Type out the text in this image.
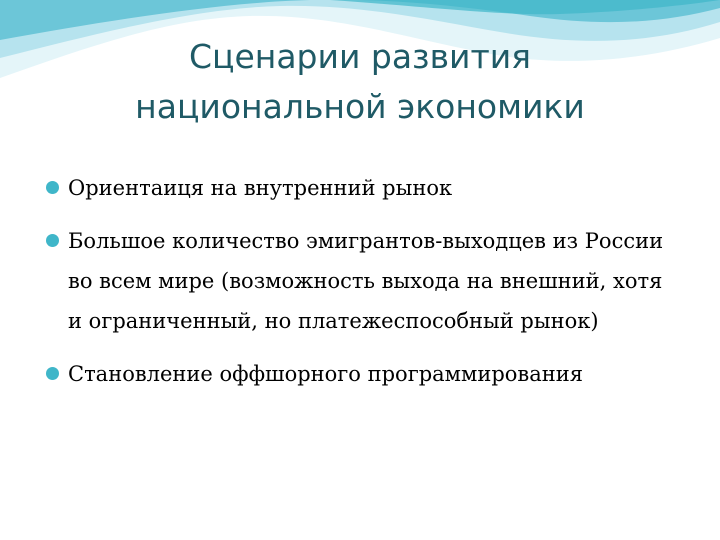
Сценарии развития
национальной экономики
Ориентаиця на внутренний рынок
Большое количество эмигрантов-выходцев из России во всем мире (возможность выхода на внешний, хотя и ограниченный, но платежеспособный рынок)
Становление оффшорного программирования
